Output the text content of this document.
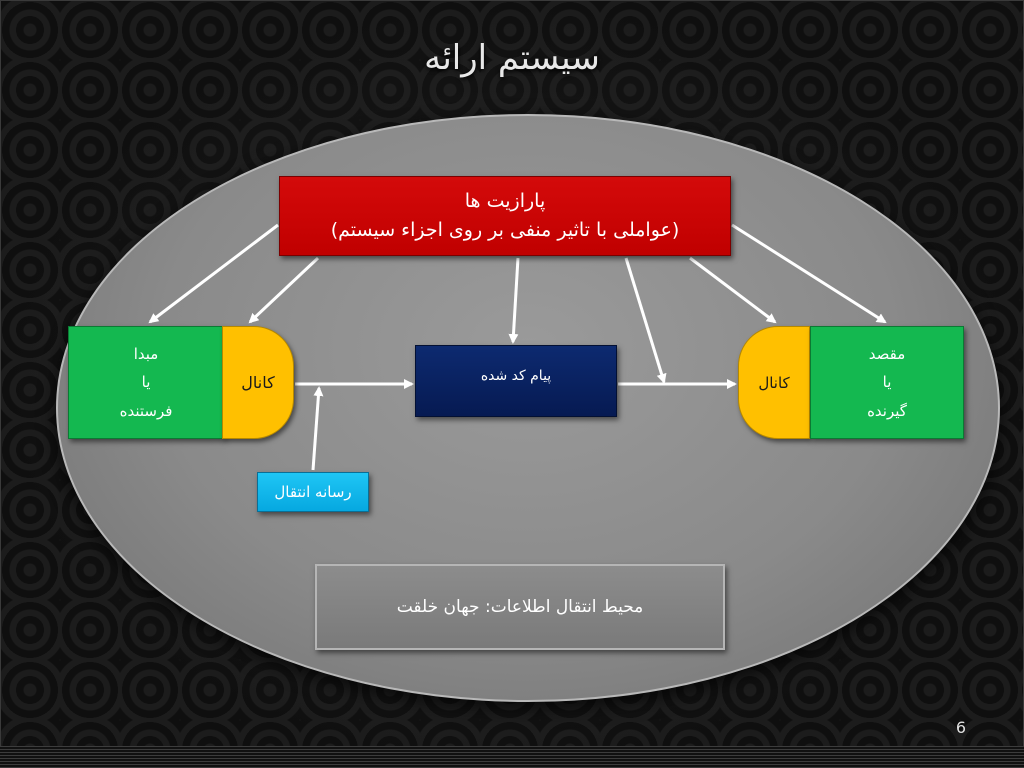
سیستم ارائه
پارازیت ها
(عواملی با تاثیر منفی بر روی اجزاء سیستم)
مبدا
یا
فرستنده
کانال	پیام کد شده	کانال
مقصد
یا
گیرنده
رسانه انتقال
محیط انتقال اطلاعات: جهان خلقت
6
